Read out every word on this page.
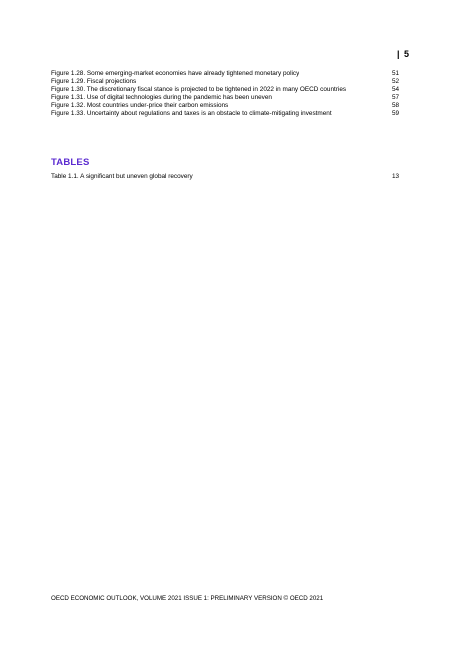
| 5
Figure 1.28. Some emerging-market economies have already tightened monetary policy	51
Figure 1.29. Fiscal projections	52
Figure 1.30. The discretionary fiscal stance is projected to be tightened in 2022 in many OECD countries	54
Figure 1.31. Use of digital technologies during the pandemic has been uneven	57
Figure 1.32. Most countries under-price their carbon emissions	58
Figure 1.33. Uncertainty about regulations and taxes is an obstacle to climate-mitigating investment	59
TABLES
Table 1.1. A significant but uneven global recovery	13
OECD ECONOMIC OUTLOOK, VOLUME 2021 ISSUE 1: PRELIMINARY VERSION © OECD 2021
